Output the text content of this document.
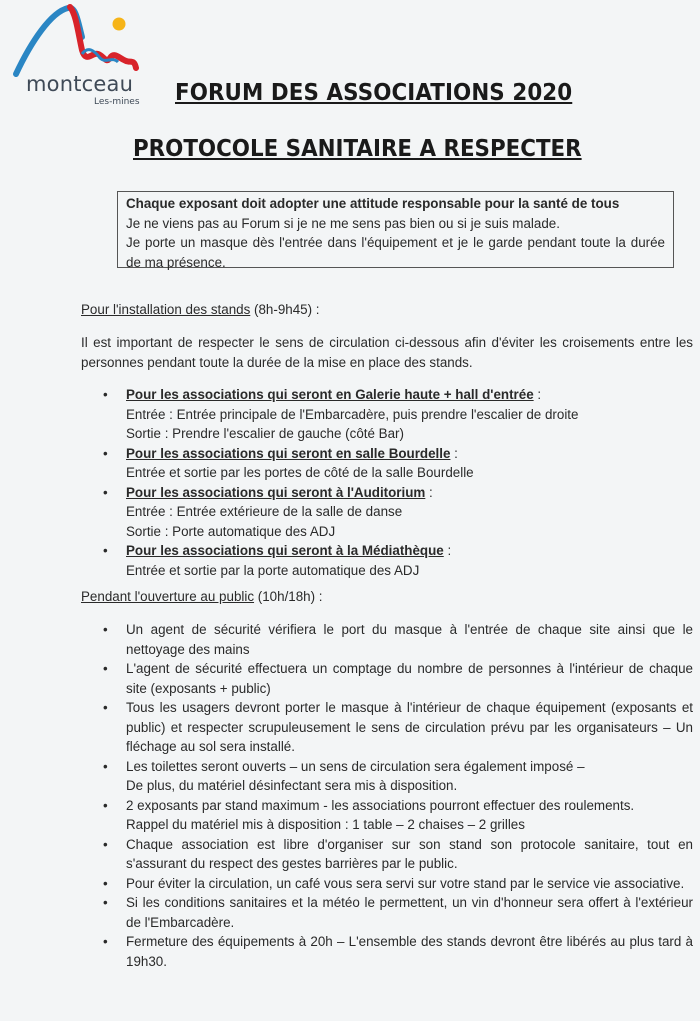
montceau
Les-mines FORUM DES ASSOCIATIONS 2020
PROTOCOLE SANITAIRE A RESPECTER
Chaque exposant doit adopter une attitude responsable pour la santé de tous
Je ne viens pas au Forum si je ne me sens pas bien ou si je suis malade.
Je porte un masque dès l'entrée dans l'équipement et je le garde pendant toute la durée de ma présence.
Pour l'installation des stands (8h-9h45) :
Il est important de respecter le sens de circulation ci-dessous afin d'éviter les croisements entre les personnes pendant toute la durée de la mise en place des stands.
• Pour les associations qui seront en Galerie haute + hall d'entrée :
Entrée : Entrée principale de l'Embarcadère, puis prendre l'escalier de droite
Sortie : Prendre l'escalier de gauche (côté Bar)
• Pour les associations qui seront en salle Bourdelle :
Entrée et sortie par les portes de côté de la salle Bourdelle
• Pour les associations qui seront à l'Auditorium :
Entrée : Entrée extérieure de la salle de danse
Sortie : Porte automatique des ADJ
• Pour les associations qui seront à la Médiathèque :
Entrée et sortie par la porte automatique des ADJ
Pendant l'ouverture au public (10h/18h) :
• Un agent de sécurité vérifiera le port du masque à l'entrée de chaque site ainsi que le nettoyage des mains
• L'agent de sécurité effectuera un comptage du nombre de personnes à l'intérieur de chaque site (exposants + public)
• Tous les usagers devront porter le masque à l'intérieur de chaque équipement (exposants et public) et respecter scrupuleusement le sens de circulation prévu par les organisateurs – Un fléchage au sol sera installé.
• Les toilettes seront ouverts – un sens de circulation sera également imposé –
De plus, du matériel désinfectant sera mis à disposition.
• 2 exposants par stand maximum - les associations pourront effectuer des roulements.
Rappel du matériel mis à disposition : 1 table – 2 chaises – 2 grilles
• Chaque association est libre d'organiser sur son stand son protocole sanitaire, tout en s'assurant du respect des gestes barrières par le public.
• Pour éviter la circulation, un café vous sera servi sur votre stand par le service vie associative.
• Si les conditions sanitaires et la météo le permettent, un vin d'honneur sera offert à l'extérieur de l'Embarcadère.
• Fermeture des équipements à 20h – L'ensemble des stands devront être libérés au plus tard à 19h30.
